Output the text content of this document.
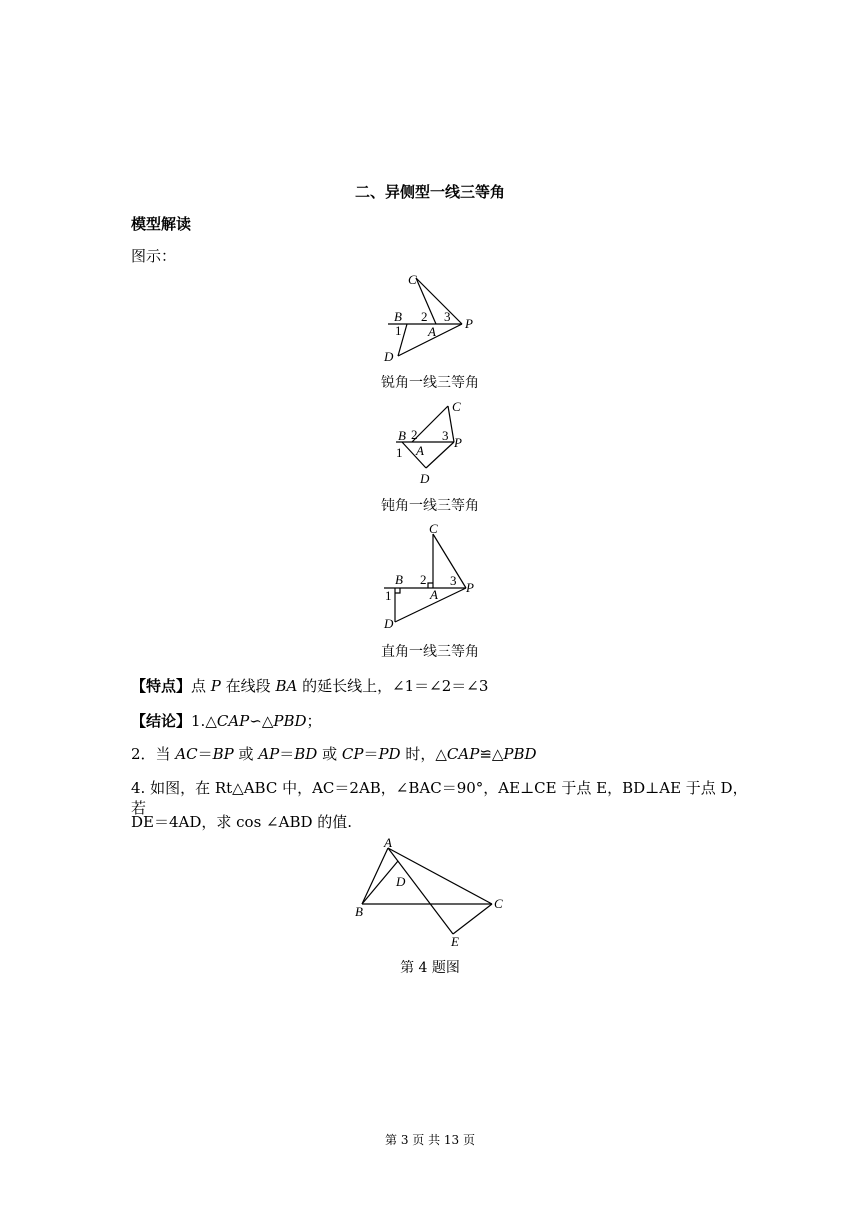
二、异侧型一线三等角
模型解读
图示：
C
B
A
P
D
1
2 3
锐角一线三等角
C
B
A
P
D
1
2 3
钝角一线三等角
C
B
A P
D
1
2 3
直角一线三等角
【特点】点 P 在线段 BA 的延长线上，∠1＝∠2＝∠3
【结论】1.△CAP∽△PBD；
2．当 AC＝BP 或 AP＝BD 或 CP＝PD 时，△CAP≌△PBD
4. 如图，在 Rt△ABC 中，AC＝2AB，∠BAC＝90°，AE⊥CE 于点 E，BD⊥AE 于点 D，若
DE＝4AD，求 cos ∠ABD 的值.
A
B
C
D
E
第 4 题图
第 3 页 共 13 页
